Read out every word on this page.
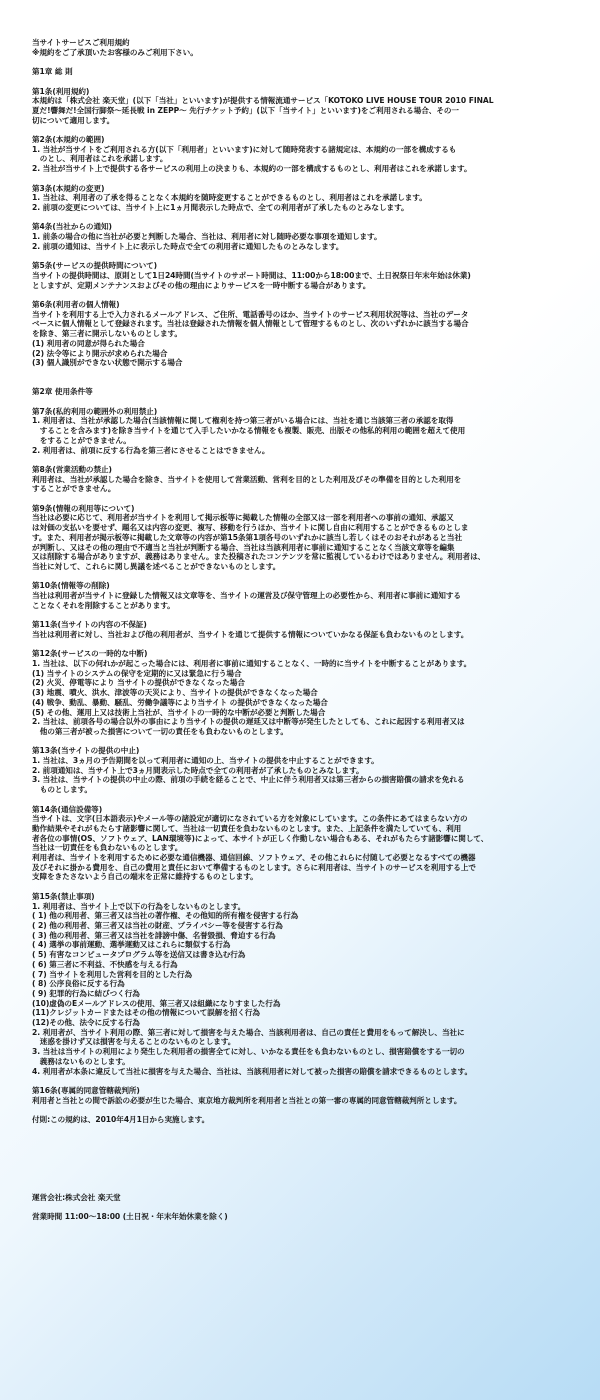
当サイトサービスご利用規約

※規約をご了承頂いたお客様のみご利用下さい。

第1章 総 則

第1条(利用規約)

本規約は「株式会社 楽天堂」(以下「当社」といいます)が提供する情報流通サービス「KOTOKO LIVE HOUSE TOUR 2010 FINAL

夏だ!響舞だ!全国行脚祭～延長戦 in ZEPP～ 先行チケット予約」(以下「当サイト」といいます)をご利用される場合、その一

切について適用します。

第2条(本規約の範囲)

1. 当社が当サイトをご利用される方(以下「利用者」といいます)に対して随時発表する諸規定は、本規約の一部を構成するも

のとし、利用者はこれを承諾します。

2. 当社が当サイト上で提供する各サービスの利用上の決まりも、本規約の一部を構成するものとし、利用者はこれを承諾します。

第3条(本規約の変更)

1. 当社は、利用者の了承を得ることなく本規約を随時変更することができるものとし、利用者はこれを承諾します。

2. 前項の変更については、当サイト上に1ヵ月間表示した時点で、全ての利用者が了承したものとみなします。

第4条(当社からの通知)

1. 前条の場合の他に当社が必要と判断した場合、当社は、利用者に対し随時必要な事項を通知します。

2. 前項の通知は、当サイト上に表示した時点で全ての利用者に通知したものとみなします。

第5条(サービスの提供時間について)

当サイトの提供時間は、原則として1日24時間(当サイトのサポート時間は、11:00から18:00まで、土日祝祭日年末年始は休業)

としますが、定期メンテナンスおよびその他の理由によりサービスを一時中断する場合があります。

第6条(利用者の個人情報)

当サイトを利用する上で入力されるメールアドレス、ご住所、電話番号のほか、当サイトのサービス利用状況等は、当社のデータ

ベースに個人情報として登録されます。当社は登録された情報を個人情報として管理するものとし、次のいずれかに該当する場合

を除き、第三者に開示しないものとします。

(1) 利用者の同意が得られた場合

(2) 法令等により開示が求められた場合

(3) 個人識別ができない状態で開示する場合

第2章 使用条件等

第7条(私的利用の範囲外の利用禁止)

1. 利用者は、当社が承認した場合(当該情報に関して権利を持つ第三者がいる場合には、当社を通じ当該第三者の承認を取得

することを含みます)を除き当サイトを通じて入手したいかなる情報をも複製、販売、出版その他私的利用の範囲を超えて使用

をすることができません。

2. 利用者は、前項に反する行為を第三者にさせることはできません。

第8条(営業活動の禁止)

利用者は、当社が承認した場合を除き、当サイトを使用して営業活動、営利を目的とした利用及びその準備を目的とした利用を

することができません。

第9条(情報の利用等について)

当社は必要に応じて、利用者が当サイトを利用して掲示板等に掲載した情報の全部又は一部を利用者への事前の通知、承認又

は対価の支払いを要せず、題名又は内容の変更、複写、移動を行うほか、当サイトに関し自由に利用することができるものとしま

す。また、利用者が掲示板等に掲載した文章等の内容が第15条第1項各号のいずれかに該当し若しくはそのおそれがあると当社

が判断し、又はその他の理由で不適当と当社が判断する場合、当社は当該利用者に事前に通知することなく当該文章等を編集

又は削除する場合がありますが、義務はありません。また投稿されたコンテンツを常に監視しているわけではありません。利用者は、

当社に対して、これらに関し異議を述べることができないものとします。

第10条(情報等の削除)

当社は利用者が当サイトに登録した情報又は文章等を、当サイトの運営及び保守管理上の必要性から、利用者に事前に通知する

ことなくそれを削除することがあります。

第11条(当サイトの内容の不保証)

当社は利用者に対し、当社および他の利用者が、当サイトを通じて提供する情報についていかなる保証も負わないものとします。

第12条(サービスの一時的な中断)

1. 当社は、以下の何れかが起こった場合には、利用者に事前に通知することなく、一時的に当サイトを中断することがあります。

(1) 当サイトのシステムの保守を定期的に又は緊急に行う場合

(2) 火災、停電等により 当サイトの提供ができなくなった場合

(3) 地震、噴火、洪水、津波等の天災により、当サイトの提供ができなくなった場合

(4) 戦争、動乱、暴動、騒乱、労働争議等により当サイト の提供ができなくなった場合

(5) その他、運用上又は技術上当社が、当サイトの一時的な中断が必要と判断した場合

2. 当社は、前項各号の場合以外の事由により当サイトの提供の遅延又は中断等が発生したとしても、これに起因する利用者又は

他の第三者が被った損害について一切の責任をも負わないものとします。

第13条(当サイトの提供の中止)

1. 当社は、3ヵ月の予告期間を以って利用者に通知の上、当サイトの提供を中止することができます。

2. 前項通知は、当サイト上で3ヵ月間表示した時点で全ての利用者が了承したものとみなします。

3. 当社は、当サイトの提供の中止の際、前項の手続を経ることで、中止に伴う利用者又は第三者からの損害賠償の請求を免れる

ものとします。

第14条(通信設備等)

当サイトは、文字(日本語表示)やメール等の諸設定が適切になされている方を対象にしています。この条件にあてはまらない方の

動作結果やそれがもたらす諸影響に関して、当社は一切責任を負わないものとします。また、上記条件を満たしていても、利用

者各位の事情(OS、ソフトウェア、LAN環境等)によって、本サイトが正しく作動しない場合もある、それがもたらす諸影響に関して、

当社は一切責任をも負わないものとします。

利用者は、当サイトを利用するために必要な通信機器、通信回線、ソフトウェア、その他これらに付随して必要となるすべての機器

及びそれに掛かる費用を、自己の費用と責任において準備するものとします。さらに利用者は、当サイトのサービスを利用する上で

支障をきたさないよう自己の端末を正常に維持するものとします。

第15条(禁止事項)

1. 利用者は、当サイト上で以下の行為をしないものとします。

( 1) 他の利用者、第三者又は当社の著作権、その他知的所有権を侵害する行為

( 2) 他の利用者、第三者又は当社の財産、プライバシー等を侵害する行為

( 3) 他の利用者、第三者又は当社を誹謗中傷、名誉毀損、脅迫する行為

( 4) 選挙の事前運動、選挙運動又はこれらに類似する行為

( 5) 有害なコンピュータプログラム等を送信又は書き込む行為

( 6) 第三者に不利益、不快感を与える行為

( 7) 当サイトを利用した営利を目的とした行為

( 8) 公序良俗に反する行為

( 9) 犯罪的行為に結びつく行為

(10)虚偽のEメールアドレスの使用、第三者又は組織になりすました行為

(11)クレジットカードまたはその他の情報について誤解を招く行為

(12)その他、法令に反する行為

2. 利用者が、当サイト利用の際、第三者に対して損害を与えた場合、当該利用者は、自己の責任と費用をもって解決し、当社に

迷惑を掛けず又は損害を与えることのないものとします。

3. 当社は当サイトの利用により発生した利用者の損害全てに対し、いかなる責任をも負わないものとし、損害賠償をする一切の

義務はないものとします。

4. 利用者が本条に違反して当社に損害を与えた場合、当社は、当該利用者に対して被った損害の賠償を請求できるものとします。

第16条(専属的同意管轄裁判所)

利用者と当社との間で訴訟の必要が生じた場合、東京地方裁判所を利用者と当社との第一審の専属的同意管轄裁判所とします。

付則:この規約は、2010年4月1日から実施します。

運営会社:株式会社 楽天堂

営業時間 11:00～18:00 (土日祝・年末年始休業を除く)
